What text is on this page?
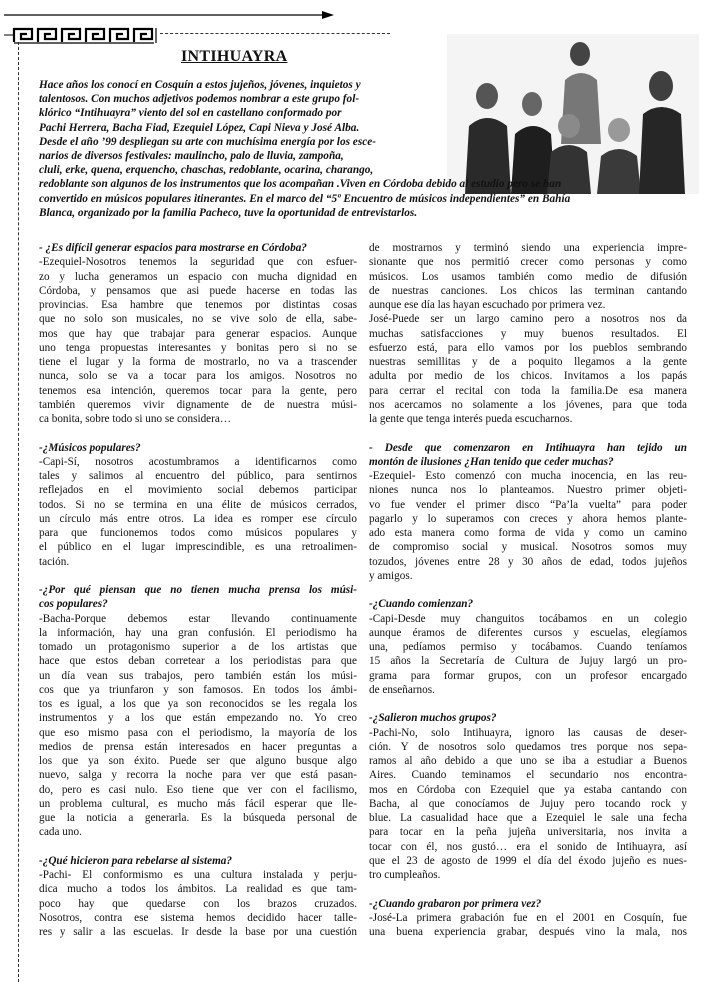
INTIHUAYRA

Hace años los conocí en Cosquín a estos jujeños, jóvenes, inquietos y

talentosos. Con muchos adjetivos podemos nombrar a este grupo fol-

klórico “Intihuayra” viento del sol en castellano conformado por

Pachi Herrera, Bacha Fiad, Ezequiel López, Capi Nieva y José Alba.

Desde el año ’99 despliegan su arte con muchísima energía por los esce-

narios de diversos festivales: maulincho, palo de lluvia, zampoña,

cluli, erke, quena, erquencho, chaschas, redoblante, ocarina, charango,

redoblante son algunos de los instrumentos que los acompañan .Viven en Córdoba debido al estudio pero se han

convertido en músicos populares itinerantes. En el marco del “5º Encuentro de músicos independientes” en Bahía

Blanca, organizado por la familia Pacheco, tuve la oportunidad de entrevistarlos.

- ¿Es difícil generar espacios para mostrarse en Córdoba?
-Ezequiel-Nosotros tenemos la seguridad que con esfuer-
zo y lucha generamos un espacio con mucha dignidad en
Córdoba, y pensamos que asi puede hacerse en todas las
provincias. Esa hambre que tenemos por distintas cosas
que no solo son musicales, no se vive solo de ella, sabe-
mos que hay que trabajar para generar espacios. Aunque
uno tenga propuestas interesantes y bonitas pero si no se
tiene el lugar y la forma de mostrarlo, no va a trascender
nunca, solo se va a tocar para los amigos. Nosotros no
tenemos esa intención, queremos tocar para la gente, pero
también queremos vivir dignamente de de nuestra músi-
ca bonita, sobre todo si uno se considera…
-¿Músicos populares?
-Capi-Sí, nosotros acostumbramos a identificarnos como
tales y salimos al encuentro del público, para sentirnos
reflejados en el movimiento social debemos participar
todos. Si no se termina en una élite de músicos cerrados,
un círculo más entre otros. La idea es romper ese círculo
para que funcionemos todos como músicos populares y
el público en el lugar imprescindible, es una retroalimen-
tación.
-¿Por qué piensan que no tienen mucha prensa los músi-
cos populares?
-Bacha-Porque debemos estar llevando continuamente
la información, hay una gran confusión. El periodismo ha
tomado un protagonismo superior a de los artistas que
hace que estos deban corretear a los periodistas para que
un día vean sus trabajos, pero también están los músi-
cos que ya triunfaron y son famosos. En todos los ámbi-
tos es igual, a los que ya son reconocidos se les regala los
instrumentos y a los que están empezando no. Yo creo
que eso mismo pasa con el periodismo, la mayoría de los
medios de prensa están interesados en hacer preguntas a
los que ya son éxito. Puede ser que alguno busque algo
nuevo, salga y recorra la noche para ver que está pasan-
do, pero es casi nulo. Eso tiene que ver con el facilismo,
un problema cultural, es mucho más fácil esperar que lle-
gue la noticia a generarla. Es la búsqueda personal de
cada uno.
-¿Qué hicieron para rebelarse al sistema?
-Pachi- El conformismo es una cultura instalada y perju-
dica mucho a todos los ámbitos. La realidad es que tam-
poco hay que quedarse con los brazos cruzados.
Nosotros, contra ese sistema hemos decidido hacer talle-
res y salir a las escuelas. Ir desde la base por una cuestión
de mostrarnos y terminó siendo una experiencia impre-
sionante que nos permitió crecer como personas y como
músicos. Los usamos también como medio de difusión
de nuestras canciones. Los chicos las terminan cantando
aunque ese día las hayan escuchado por primera vez.
José-Puede ser un largo camino pero a nosotros nos da
muchas satisfacciones y muy buenos resultados. El
esfuerzo está, para ello vamos por los pueblos sembrando
nuestras semillitas y de a poquito llegamos a la gente
adulta por medio de los chicos. Invitamos a los papás
para cerrar el recital con toda la familia.De esa manera
nos acercamos no solamente a los jóvenes, para que toda
la gente que tenga interés pueda escucharnos.
- Desde que comenzaron en Intihuayra han tejido un
montón de ilusiones ¿Han tenido que ceder muchas?
-Ezequiel- Esto comenzó con mucha inocencia, en las reu-
niones nunca nos lo planteamos. Nuestro primer objeti-
vo fue vender el primer disco “Pa’la vuelta” para poder
pagarlo y lo superamos con creces y ahora hemos plante-
ado esta manera como forma de vida y como un camino
de compromiso social y musical. Nosotros somos muy
tozudos, jóvenes entre 28 y 30 años de edad, todos jujeños
y amigos.
-¿Cuando comienzan?
-Capi-Desde muy changuitos tocábamos en un colegio
aunque éramos de diferentes cursos y escuelas, elegíamos
una, pedíamos permiso y tocábamos. Cuando teníamos
15 años la Secretaría de Cultura de Jujuy largó un pro-
grama para formar grupos, con un profesor encargado
de enseñarnos.
-¿Salieron muchos grupos?
-Pachi-No, solo Intihuayra, ignoro las causas de deser-
ción. Y de nosotros solo quedamos tres porque nos sepa-
ramos al año debido a que uno se iba a estudiar a Buenos
Aires. Cuando teminamos el secundario nos encontra-
mos en Córdoba con Ezequiel que ya estaba cantando con
Bacha, al que conocíamos de Jujuy pero tocando rock y
blue. La casualidad hace que a Ezequiel le sale una fecha
para tocar en la peña jujeña universitaria, nos invita a
tocar con él, nos gustó… era el sonido de Intihuayra, así
que el 23 de agosto de 1999 el día del éxodo jujeño es nues-
tro cumpleaños.
-¿Cuando grabaron por primera vez?
-José-La primera grabación fue en el 2001 en Cosquín, fue
una buena experiencia grabar, después vino la mala, nos
